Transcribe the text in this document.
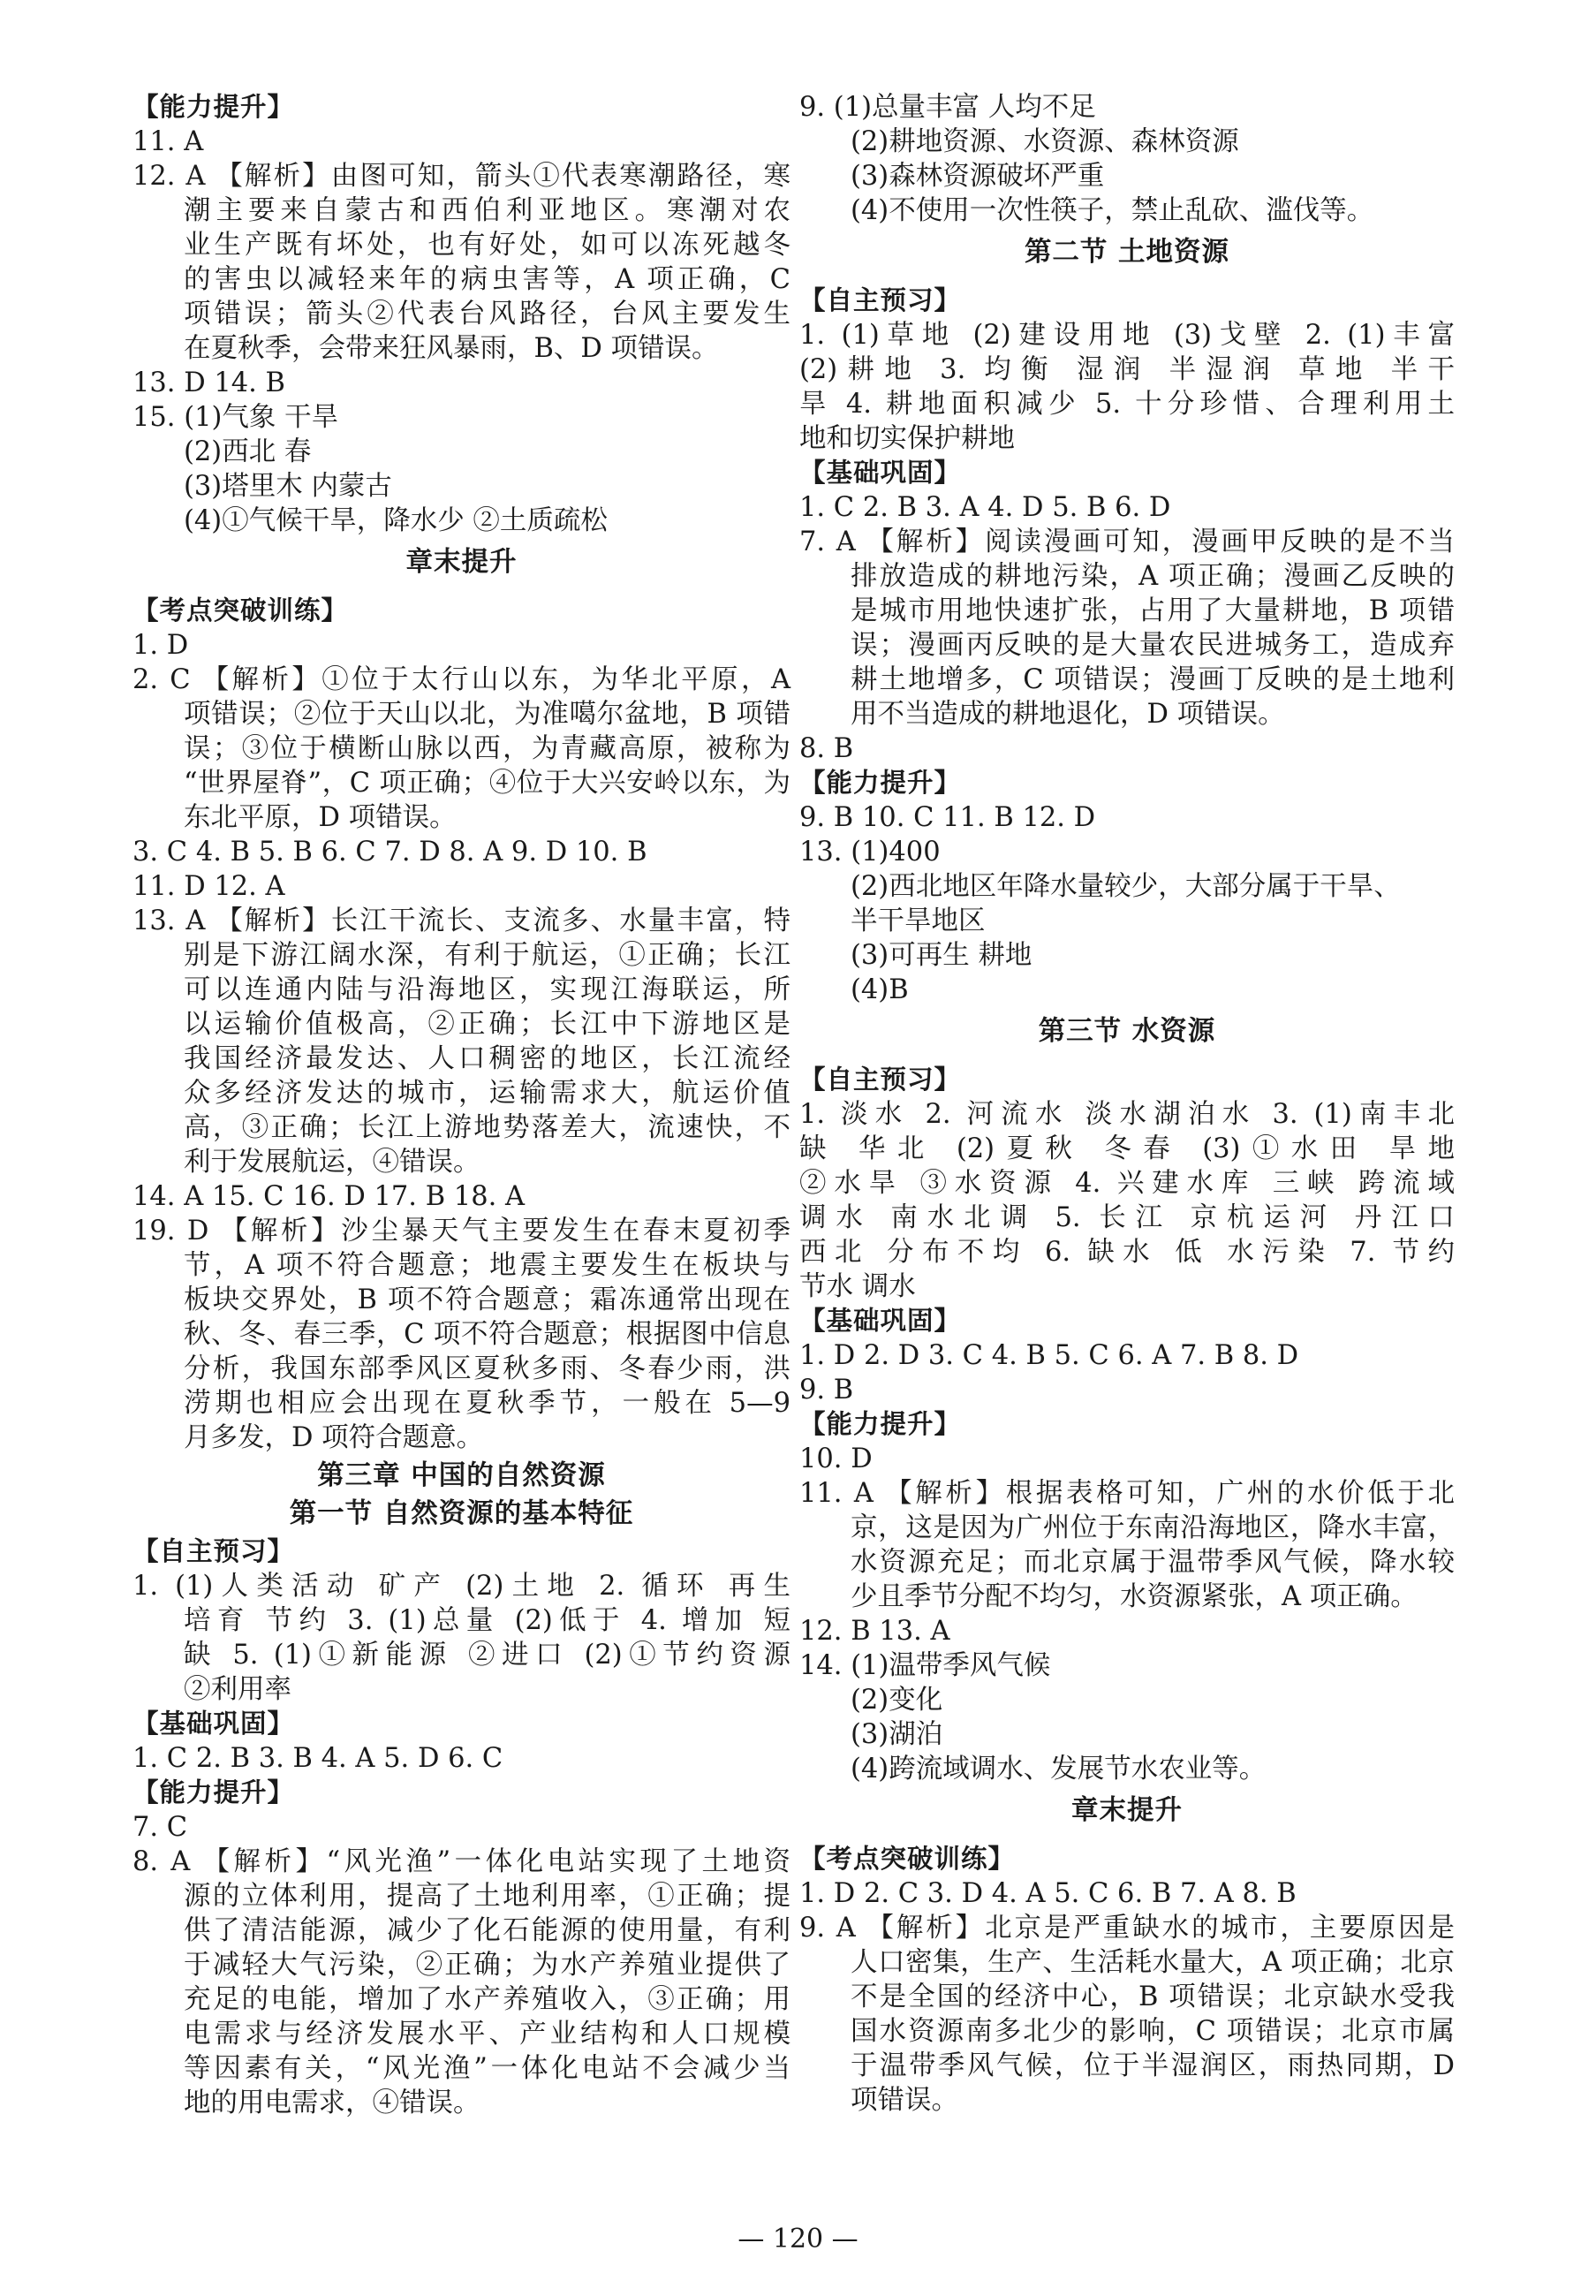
【能力提升】
11. A
12. A 【解析】由图可知，箭头①代表寒潮路径，寒
潮主要来自蒙古和西伯利亚地区。寒潮对农
业生产既有坏处，也有好处，如可以冻死越冬
的害虫以减轻来年的病虫害等，A 项正确，C
项错误；箭头②代表台风路径，台风主要发生
在夏秋季，会带来狂风暴雨，B、D 项错误。
13. D 14. B
15. (1)气象 干旱
(2)西北 春
(3)塔里木 内蒙古
(4)①气候干旱，降水少 ②土质疏松
章末提升
【考点突破训练】
1. D
2. C 【解析】①位于太行山以东，为华北平原，A
项错误；②位于天山以北，为准噶尔盆地，B 项错
误；③位于横断山脉以西，为青藏高原，被称为
“世界屋脊”，C 项正确；④位于大兴安岭以东，为
东北平原，D 项错误。
3. C 4. B 5. B 6. C 7. D 8. A 9. D 10. B
11. D 12. A
13. A 【解析】长江干流长、支流多、水量丰富，特
别是下游江阔水深，有利于航运，①正确；长江
可以连通内陆与沿海地区，实现江海联运，所
以运输价值极高，②正确；长江中下游地区是
我国经济最发达、人口稠密的地区，长江流经
众多经济发达的城市，运输需求大，航运价值
高，③正确；长江上游地势落差大，流速快，不
利于发展航运，④错误。
14. A 15. C 16. D 17. B 18. A
19. D 【解析】沙尘暴天气主要发生在春末夏初季
节，A 项不符合题意；地震主要发生在板块与
板块交界处，B 项不符合题意；霜冻通常出现在
秋、冬、春三季，C 项不符合题意；根据图中信息
分析，我国东部季风区夏秋多雨、冬春少雨，洪
涝期也相应会出现在夏秋季节，一般在 5—9
月多发，D 项符合题意。
第三章 中国的自然资源
第一节 自然资源的基本特征
【自主预习】
1. (1)人类活动 矿产 (2)土地 2. 循环 再生
培育 节约 3. (1)总量 (2)低于 4. 增加 短
缺 5. (1)①新能源 ②进口 (2)①节约资源
②利用率
【基础巩固】
1. C 2. B 3. B 4. A 5. D 6. C
【能力提升】
7. C
8. A 【解析】“风光渔”一体化电站实现了土地资
源的立体利用，提高了土地利用率，①正确；提
供了清洁能源，减少了化石能源的使用量，有利
于减轻大气污染，②正确；为水产养殖业提供了
充足的电能，增加了水产养殖收入，③正确；用
电需求与经济发展水平、产业结构和人口规模
等因素有关，“风光渔”一体化电站不会减少当
地的用电需求，④错误。
9. (1)总量丰富 人均不足
(2)耕地资源、水资源、森林资源
(3)森林资源破坏严重
(4)不使用一次性筷子，禁止乱砍、滥伐等。
第二节 土地资源
【自主预习】
1. (1)草地 (2)建设用地 (3)戈壁 2. (1)丰富
(2)耕地 3. 均衡 湿润 半湿润 草地 半干
旱 4. 耕地面积减少 5. 十分珍惜、合理利用土
地和切实保护耕地
【基础巩固】
1. C 2. B 3. A 4. D 5. B 6. D
7. A 【解析】阅读漫画可知，漫画甲反映的是不当
排放造成的耕地污染，A 项正确；漫画乙反映的
是城市用地快速扩张，占用了大量耕地，B 项错
误；漫画丙反映的是大量农民进城务工，造成弃
耕土地增多，C 项错误；漫画丁反映的是土地利
用不当造成的耕地退化，D 项错误。
8. B
【能力提升】
9. B 10. C 11. B 12. D
13. (1)400
(2)西北地区年降水量较少，大部分属于干旱、
半干旱地区
(3)可再生 耕地
(4)B
第三节 水资源
【自主预习】
1. 淡水 2. 河流水 淡水湖泊水 3. (1)南丰北
缺 华北 (2)夏秋 冬春 (3)①水田 旱地
②水旱 ③水资源 4. 兴建水库 三峡 跨流域
调水 南水北调 5. 长江 京杭运河 丹江口
西北 分布不均 6. 缺水 低 水污染 7. 节约
节水 调水
【基础巩固】
1. D 2. D 3. C 4. B 5. C 6. A 7. B 8. D
9. B
【能力提升】
10. D
11. A 【解析】根据表格可知，广州的水价低于北
京，这是因为广州位于东南沿海地区，降水丰富，
水资源充足；而北京属于温带季风气候，降水较
少且季节分配不均匀，水资源紧张，A 项正确。
12. B 13. A
14. (1)温带季风气候
(2)变化
(3)湖泊
(4)跨流域调水、发展节水农业等。
章末提升
【考点突破训练】
1. D 2. C 3. D 4. A 5. C 6. B 7. A 8. B
9. A 【解析】北京是严重缺水的城市，主要原因是
人口密集，生产、生活耗水量大，A 项正确；北京
不是全国的经济中心，B 项错误；北京缺水受我
国水资源南多北少的影响，C 项错误；北京市属
于温带季风气候，位于半湿润区，雨热同期，D
项错误。
— 120 —
